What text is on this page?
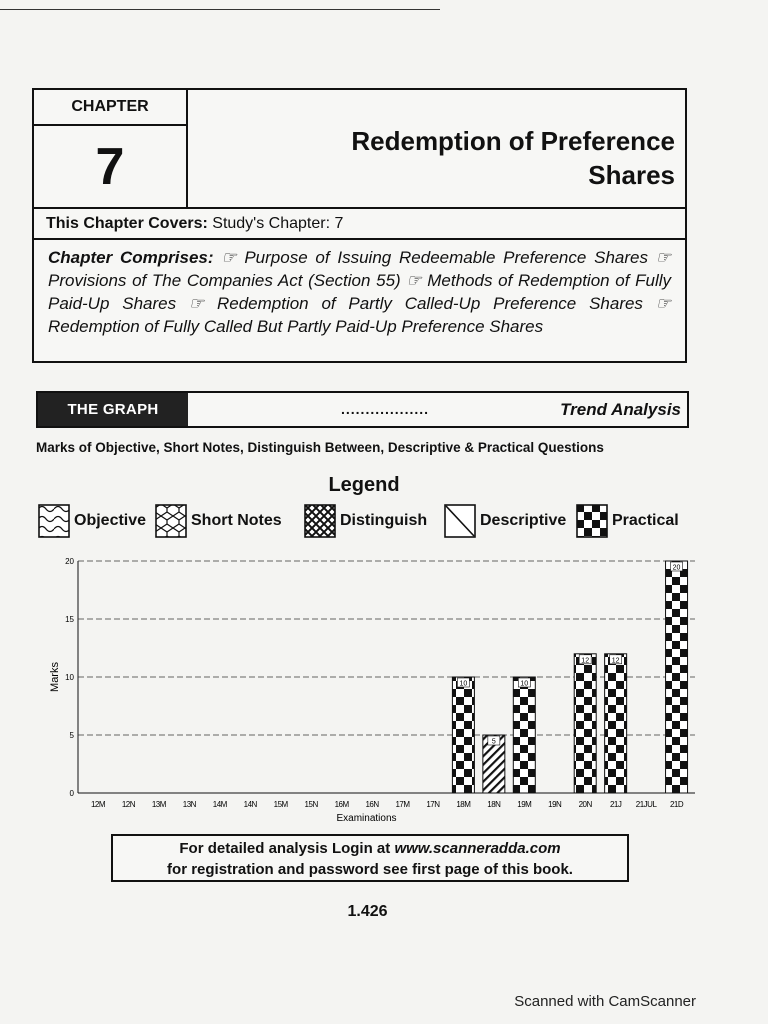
CHAPTER
7	Redemption of Preference
Shares
This Chapter Covers: Study's Chapter: 7
Chapter Comprises: ☞ Purpose of Issuing Redeemable Preference Shares ☞ Provisions of The Companies Act (Section 55) ☞ Methods of Redemption of Fully Paid-Up Shares ☞ Redemption of Partly Called-Up Preference Shares ☞ Redemption of Fully Called But Partly Paid-Up Preference Shares
THE GRAPH	..................	Trend Analysis
Marks of Objective, Short Notes, Distinguish Between, Descriptive & Practical Questions
Legend
Objective	Short Notes	Distinguish	Descriptive	Practical
0
5
10
15
20
Marks
12M 12N 13M 13N 14M 14N 15M 15N 16M 16N 17M 17N 18M 18N 19M 19N 20N 21J 21JUL 21D
Examinations
5
10	10
12	12
20
For detailed analysis Login at www.scanneradda.com
for registration and password see first page of this book.
1.426
Scanned with CamScanner
